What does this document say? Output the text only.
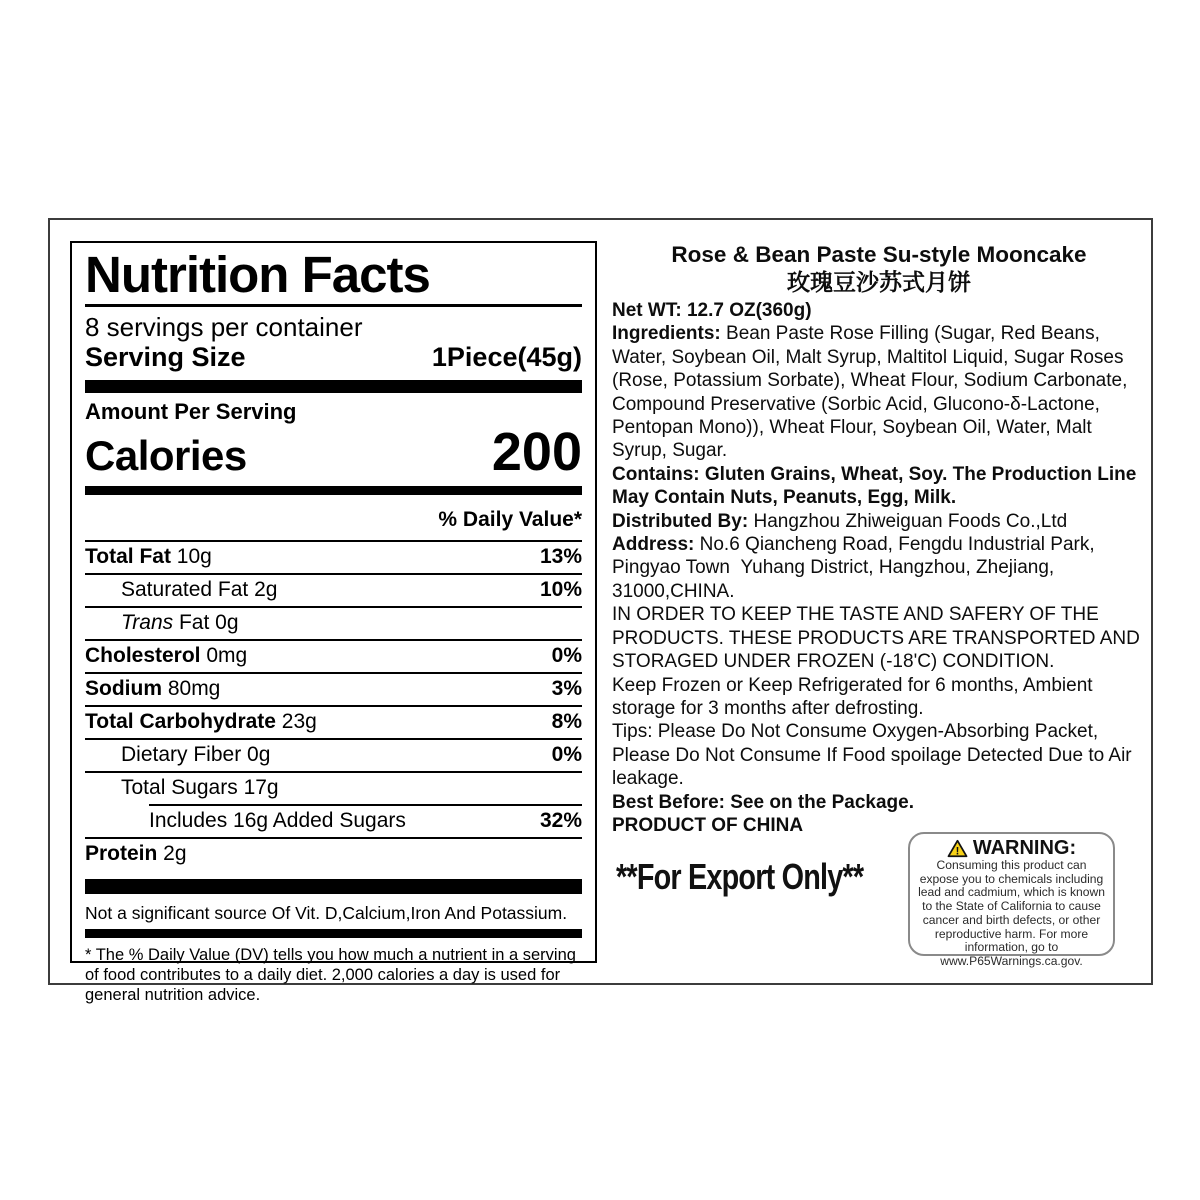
Nutrition Facts
8 servings per container
Serving Size	1Piece(45g)
Amount Per Serving
Calories	200
% Daily Value*
Total Fat 10g	13%
Saturated Fat 2g	10%
Trans Fat 0g
Cholesterol 0mg	0%
Sodium 80mg	3%
Total Carbohydrate 23g	8%
Dietary Fiber 0g	0%
Total Sugars 17g
Includes 16g Added Sugars	32%
Protein 2g
Not a significant source Of Vit. D,Calcium,Iron And Potassium.
* The % Daily Value (DV) tells you how much a nutrient in a serving of food contributes to a daily diet. 2,000 calories a day is used for general nutrition advice.
Rose & Bean Paste Su-style Mooncake
玫瑰豆沙苏式月饼

Net WT: 12.7 OZ(360g)

Ingredients: Bean Paste Rose Filling (Sugar, Red Beans, Water, Soybean Oil, Malt Syrup, Maltitol Liquid, Sugar Roses (Rose, Potassium Sorbate), Wheat Flour, Sodium Carbonate, Compound Preservative (Sorbic Acid, Glucono-δ-Lactone, Pentopan Mono)), Wheat Flour, Soybean Oil, Water, Malt Syrup, Sugar.

Contains: Gluten Grains, Wheat, Soy. The Production Line May Contain Nuts, Peanuts, Egg, Milk.

Distributed By: Hangzhou Zhiweiguan Foods Co.,Ltd

Address: No.6 Qiancheng Road, Fengdu Industrial Park, Pingyao Town  Yuhang District, Hangzhou, Zhejiang, 31000,CHINA.

IN ORDER TO KEEP THE TASTE AND SAFERY OF THE PRODUCTS. THESE PRODUCTS ARE TRANSPORTED AND STORAGED UNDER FROZEN (-18'C) CONDITION.

Keep Frozen or Keep Refrigerated for 6 months, Ambient storage for 3 months after defrosting.

Tips: Please Do Not Consume Oxygen-Absorbing Packet, Please Do Not Consume If Food spoilage Detected Due to Air leakage.

Best Before: See on the Package.

PRODUCT OF CHINA

**For Export Only**
! WARNING:
Consuming this product can expose you to chemicals including lead and cadmium, which is known to the State of California to cause cancer and birth defects, or other reproductive harm. For more information, go to www.P65Warnings.ca.gov.
